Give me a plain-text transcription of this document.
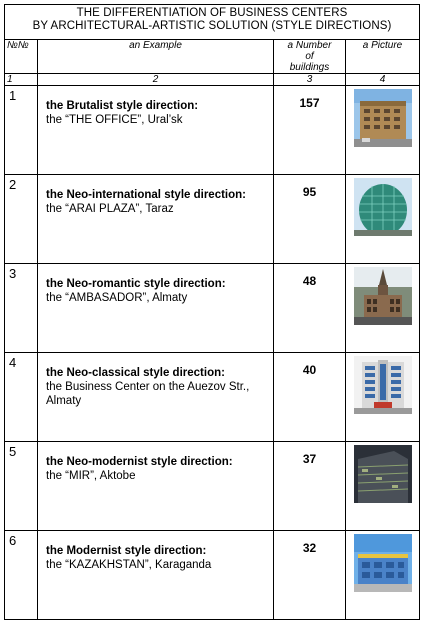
THE DIFFERENTIATION OF BUSINESS CENTERS
BY ARCHITECTURAL-ARTISTIC SOLUTION (STYLE DIRECTIONS)			

№№	an Example	a Number
of
buildings	a Picture
1	2	3	4
1	the Brutalist style direction:
the “THE OFFICE”, Ural’sk	157	

2	the Neo-international style direction:
the “ARAI PLAZA”, Taraz	95	

3	the Neo-romantic style direction:
the “AMBASADOR”, Almaty	48	

4	the Neo-classical style direction:
the Business Center on the Auezov Str., Almaty	40	

5	the Neo-modernist style direction:
the “MIR”, Aktobe	37	

6	the Modernist style direction:
the “KAZAKHSTAN”, Karaganda	32	
